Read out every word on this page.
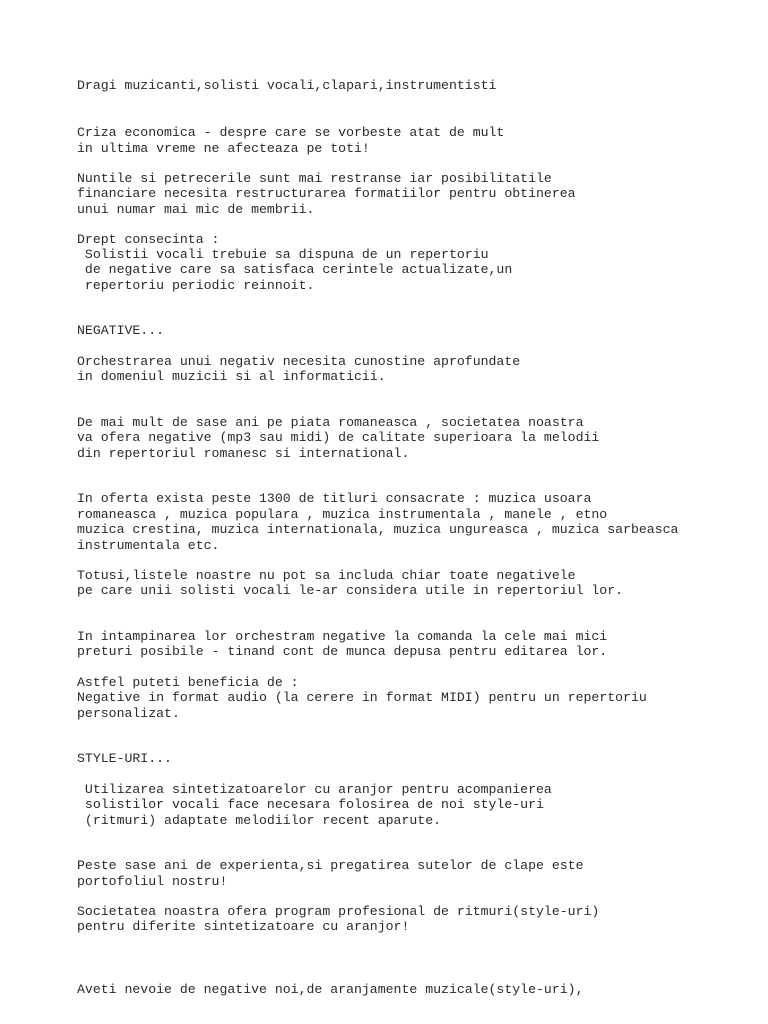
Dragi muzicanti,solisti vocali,clapari,instrumentisti

Criza economica - despre care se vorbeste atat de mult

in ultima vreme ne afecteaza pe toti!

Nuntile si petrecerile sunt mai restranse iar posibilitatile

financiare necesita restructurarea formatiilor pentru obtinerea

unui numar mai mic de membrii.

Drept consecinta :

Solistii vocali trebuie sa dispuna de un repertoriu

de negative care sa satisfaca cerintele actualizate,un

repertoriu periodic reinnoit.

NEGATIVE...

Orchestrarea unui negativ necesita cunostine aprofundate

in domeniul muzicii si al informaticii.

De mai mult de sase ani pe piata romaneasca , societatea noastra

va ofera negative (mp3 sau midi) de calitate superioara la melodii

din repertoriul romanesc si international.

In oferta exista peste 1300 de titluri consacrate : muzica usoara

romaneasca , muzica populara , muzica instrumentala , manele , etno

muzica crestina, muzica internationala, muzica ungureasca , muzica sarbeasca

instrumentala etc.

Totusi,listele noastre nu pot sa includa chiar toate negativele

pe care unii solisti vocali le-ar considera utile in repertoriul lor.

In intampinarea lor orchestram negative la comanda la cele mai mici

preturi posibile - tinand cont de munca depusa pentru editarea lor.

Astfel puteti beneficia de :

Negative in format audio (la cerere in format MIDI) pentru un repertoriu

personalizat.

STYLE-URI...

Utilizarea sintetizatoarelor cu aranjor pentru acompanierea

solistilor vocali face necesara folosirea de noi style-uri

(ritmuri) adaptate melodiilor recent aparute.

Peste sase ani de experienta,si pregatirea sutelor de clape este

portofoliul nostru!

Societatea noastra ofera program profesional de ritmuri(style-uri)

pentru diferite sintetizatoare cu aranjor!

Aveti nevoie de negative noi,de aranjamente muzicale(style-uri),
